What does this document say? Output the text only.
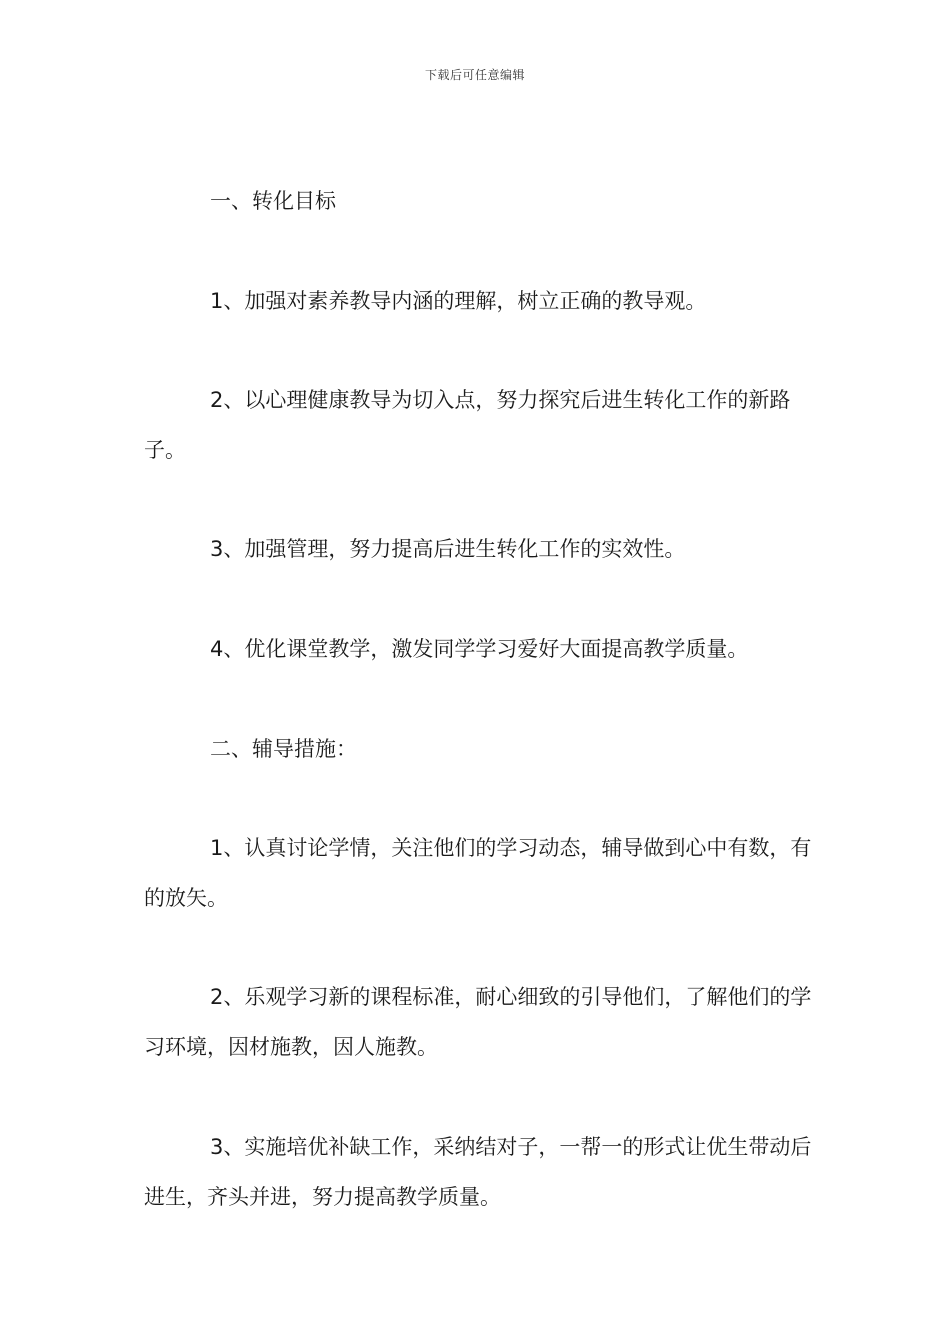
下载后可任意编辑

一、转化目标

1、加强对素养教导内涵的理解，树立正确的教导观。

2、以心理健康教导为切入点，努力探究后进生转化工作的新路子。

3、加强管理，努力提高后进生转化工作的实效性。

4、优化课堂教学，激发同学学习爱好大面提高教学质量。

二、辅导措施：

1、认真讨论学情，关注他们的学习动态，辅导做到心中有数，有的放矢。

2、乐观学习新的课程标准，耐心细致的引导他们，了解他们的学习环境，因材施教，因人施教。

3、实施培优补缺工作，采纳结对子，一帮一的形式让优生带动后进生，齐头并进，努力提高教学质量。
